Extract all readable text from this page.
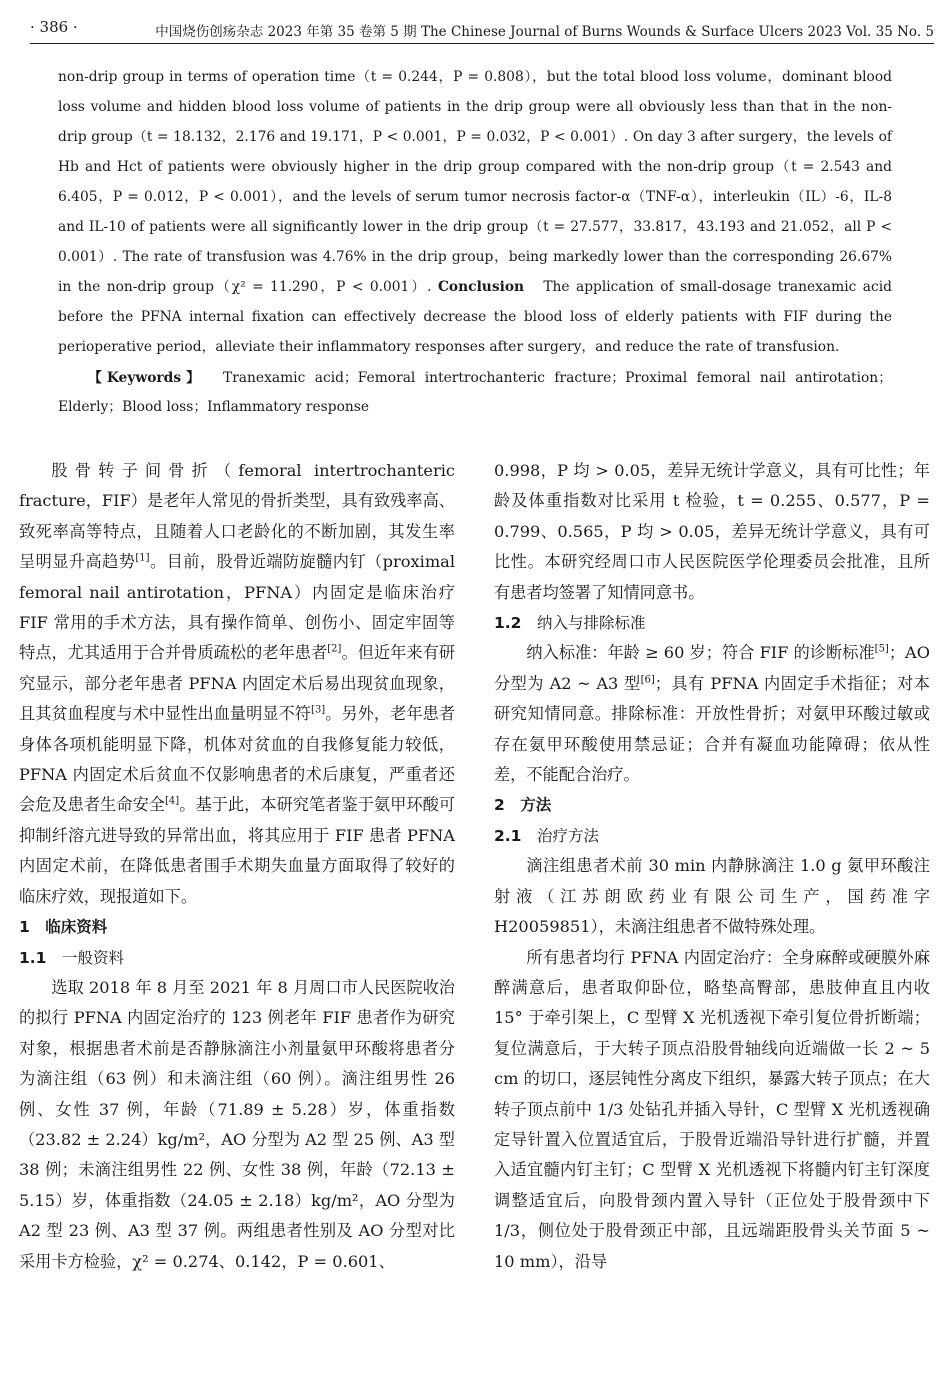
· 386 ·	中国烧伤创疡杂志 2023 年第 35 卷第 5 期 The Chinese Journal of Burns Wounds & Surface Ulcers 2023 Vol. 35 No. 5
non-drip group in terms of operation time（t = 0.244，P = 0.808），but the total blood loss volume，dominant blood loss volume and hidden blood loss volume of patients in the drip group were all obviously less than that in the non-drip group（t = 18.132，2.176 and 19.171，P < 0.001，P = 0.032，P < 0.001）. On day 3 after surgery，the levels of Hb and Hct of patients were obviously higher in the drip group compared with the non-drip group（t = 2.543 and 6.405，P = 0.012，P < 0.001），and the levels of serum tumor necrosis factor-α（TNF-α），interleukin（IL）-6，IL-8 and IL-10 of patients were all significantly lower in the drip group（t = 27.577，33.817，43.193 and 21.052，all P < 0.001）. The rate of transfusion was 4.76% in the drip group，being markedly lower than the corresponding 26.67% in the non-drip group（χ² = 11.290，P < 0.001）. Conclusion The application of small-dosage tranexamic acid before the PFNA internal fixation can effectively decrease the blood loss of elderly patients with FIF during the perioperative period，alleviate their inflammatory responses after surgery，and reduce the rate of transfusion.
【Keywords】 Tranexamic acid；Femoral intertrochanteric fracture；Proximal femoral nail antirotation；Elderly；Blood loss；Inflammatory response

股骨转子间骨折（femoral intertrochanteric fracture，FIF）是老年人常见的骨折类型，具有致残率高、致死率高等特点，且随着人口老龄化的不断加剧，其发生率呈明显升高趋势[1]。目前，股骨近端防旋髓内钉（proximal femoral nail antirotation，PFNA）内固定是临床治疗 FIF 常用的手术方法，具有操作简单、创伤小、固定牢固等特点，尤其适用于合并骨质疏松的老年患者[2]。但近年来有研究显示，部分老年患者 PFNA 内固定术后易出现贫血现象，且其贫血程度与术中显性出血量明显不符[3]。另外，老年患者身体各项机能明显下降，机体对贫血的自我修复能力较低，PFNA 内固定术后贫血不仅影响患者的术后康复，严重者还会危及患者生命安全[4]。基于此，本研究笔者鉴于氨甲环酸可抑制纤溶亢进导致的异常出血，将其应用于 FIF 患者 PFNA 内固定术前，在降低患者围手术期失血量方面取得了较好的临床疗效，现报道如下。

1　临床资料

1.1　 一般资料

选取 2018 年 8 月至 2021 年 8 月周口市人民医院收治的拟行 PFNA 内固定治疗的 123 例老年 FIF 患者作为研究对象，根据患者术前是否静脉滴注小剂量氨甲环酸将患者分为滴注组（63 例）和未滴注组（60 例）。滴注组男性 26 例、女性 37 例，年龄（71.89 ± 5.28）岁，体重指数（23.82 ± 2.24）kg/m²，AO 分型为 A2 型 25 例、A3 型 38 例；未滴注组男性 22 例、女性 38 例，年龄（72.13 ± 5.15）岁，体重指数（24.05 ± 2.18）kg/m²，AO 分型为 A2 型 23 例、A3 型 37 例。两组患者性别及 AO 分型对比采用卡方检验，χ² = 0.274、0.142，P = 0.601、

0.998，P 均 > 0.05，差异无统计学意义，具有可比性；年龄及体重指数对比采用 t 检验，t = 0.255、0.577，P = 0.799、0.565，P 均 > 0.05，差异无统计学意义，具有可比性。本研究经周口市人民医院医学伦理委员会批准，且所有患者均签署了知情同意书。

1.2　 纳入与排除标准

纳入标准：年龄 ≥ 60 岁；符合 FIF 的诊断标准[5]；AO 分型为 A2 ~ A3 型[6]；具有 PFNA 内固定手术指征；对本研究知情同意。排除标准：开放性骨折；对氨甲环酸过敏或存在氨甲环酸使用禁忌证；合并有凝血功能障碍；依从性差，不能配合治疗。

2　方法

2.1　 治疗方法

滴注组患者术前 30 min 内静脉滴注 1.0 g 氨甲环酸注射液（江苏朗欧药业有限公司生产，国药准字 H20059851），未滴注组患者不做特殊处理。

所有患者均行 PFNA 内固定治疗：全身麻醉或硬膜外麻醉满意后，患者取仰卧位，略垫高臀部，患肢伸直且内收 15° 于牵引架上，C 型臂 X 光机透视下牵引复位骨折断端；复位满意后，于大转子顶点沿股骨轴线向近端做一长 2 ~ 5 cm 的切口，逐层钝性分离皮下组织，暴露大转子顶点；在大转子顶点前中 1/3 处钻孔并插入导针，C 型臂 X 光机透视确定导针置入位置适宜后，于股骨近端沿导针进行扩髓，并置入适宜髓内钉主钉；C 型臂 X 光机透视下将髓内钉主钉深度调整适宜后，向股骨颈内置入导针（正位处于股骨颈中下 1/3，侧位处于股骨颈正中部，且远端距股骨头关节面 5 ~ 10 mm），沿导
